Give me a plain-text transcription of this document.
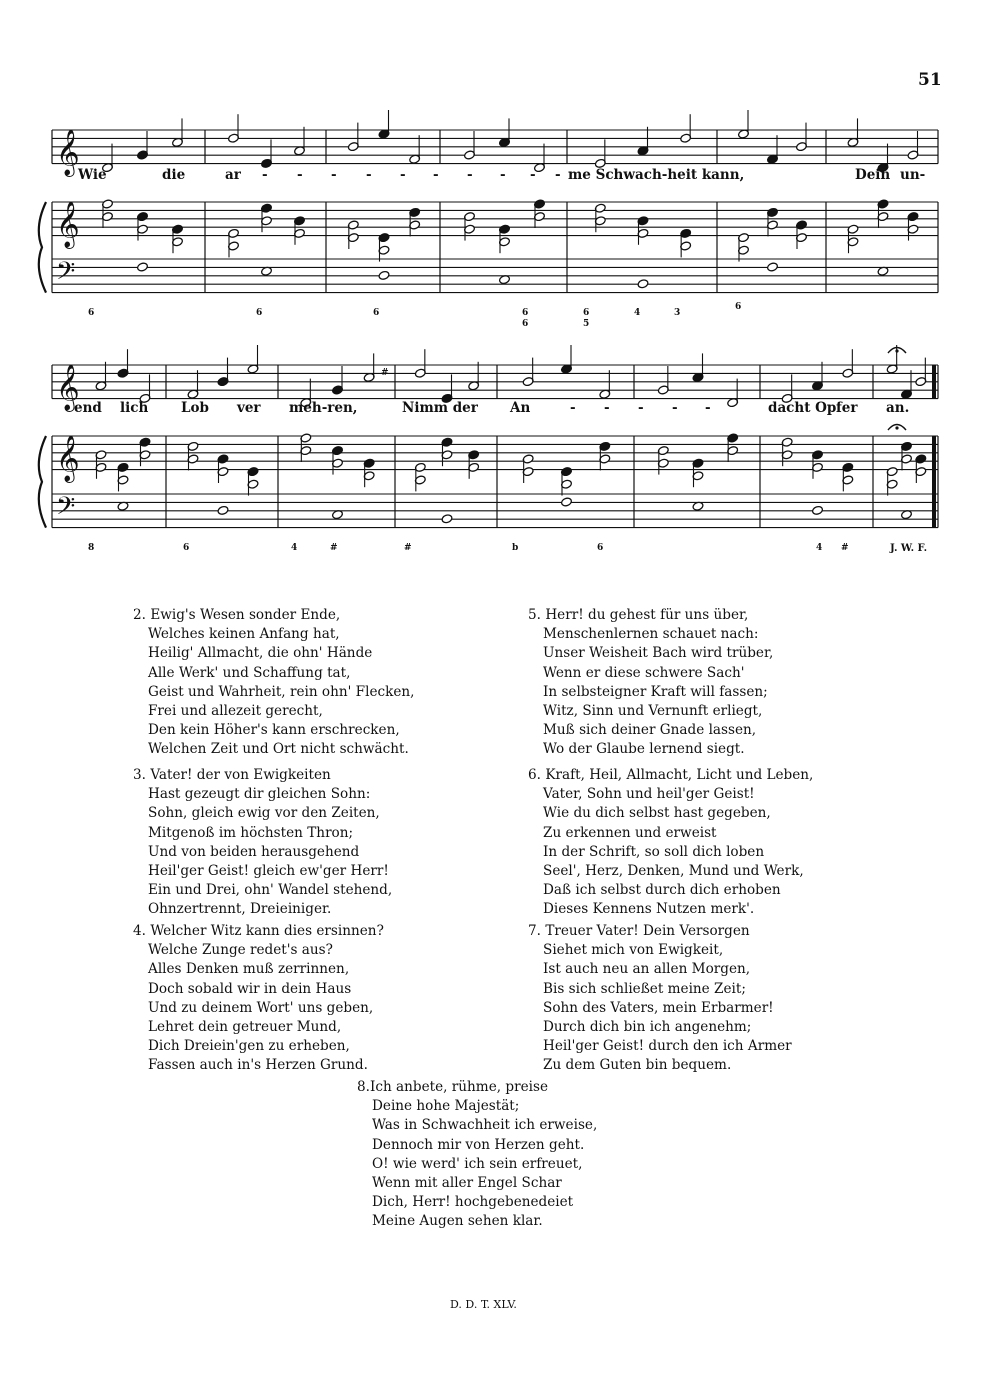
51
𝄞
𝄞
𝄢
𝄞
𝄞
𝄢
Wie	die	ar - - - - - - - - - - me Schwach-heit kann,	Dein un-
6	6	6	6	6	4	3
6
5
6
end lich Lob ver meh-ren,	Nimm der An	- - - - -	dacht Op fer an.
8	6	4	#	#	b	6	4 #
#
J. W. F.
2. Ewig's Wesen sonder Ende,
Welches keinen Anfang hat,
Heilig' Allmacht, die ohn' Hände
Alle Werk' und Schaffung tat,
Geist und Wahrheit, rein ohn' Flecken,
Frei und allezeit gerecht,
Den kein Höher's kann erschrecken,
Welchen Zeit und Ort nicht schwächt.
3. Vater! der von Ewigkeiten
Hast gezeugt dir gleichen Sohn:
Sohn, gleich ewig vor den Zeiten,
Mitgenoß im höchsten Thron;
Und von beiden herausgehend
Heil'ger Geist! gleich ew'ger Herr!
Ein und Drei, ohn' Wandel stehend,
Ohnzertrennt, Dreieiniger.
4. Welcher Witz kann dies ersinnen?
Welche Zunge redet's aus?
Alles Denken muß zerrinnen,
Doch sobald wir in dein Haus
Und zu deinem Wort' uns geben,
Lehret dein getreuer Mund,
Dich Dreiein'gen zu erheben,
Fassen auch in's Herzen Grund.
5. Herr! du gehest für uns über,
Menschenlernen schauet nach:
Unser Weisheit Bach wird trüber,
Wenn er diese schwere Sach'
In selbsteigner Kraft will fassen;
Witz, Sinn und Vernunft erliegt,
Muß sich deiner Gnade lassen,
Wo der Glaube lernend siegt.
6. Kraft, Heil, Allmacht, Licht und Leben,
Vater, Sohn und heil'ger Geist!
Wie du dich selbst hast gegeben,
Zu erkennen und erweist
In der Schrift, so soll dich loben
Seel', Herz, Denken, Mund und Werk,
Daß ich selbst durch dich erhoben
Dieses Kennens Nutzen merk'.
7. Treuer Vater! Dein Versorgen
Siehet mich von Ewigkeit,
Ist auch neu an allen Morgen,
Bis sich schließet meine Zeit;
Sohn des Vaters, mein Erbarmer!
Durch dich bin ich angenehm;
Heil'ger Geist! durch den ich Armer
Zu dem Guten bin bequem.
8.Ich anbete, rühme, preise
Deine hohe Majestät;
Was in Schwachheit ich erweise,
Dennoch mir von Herzen geht.
O! wie werd' ich sein erfreuet,
Wenn mit aller Engel Schar
Dich, Herr! hochgebenedeiet
Meine Augen sehen klar.
D. D. T. XLV.
